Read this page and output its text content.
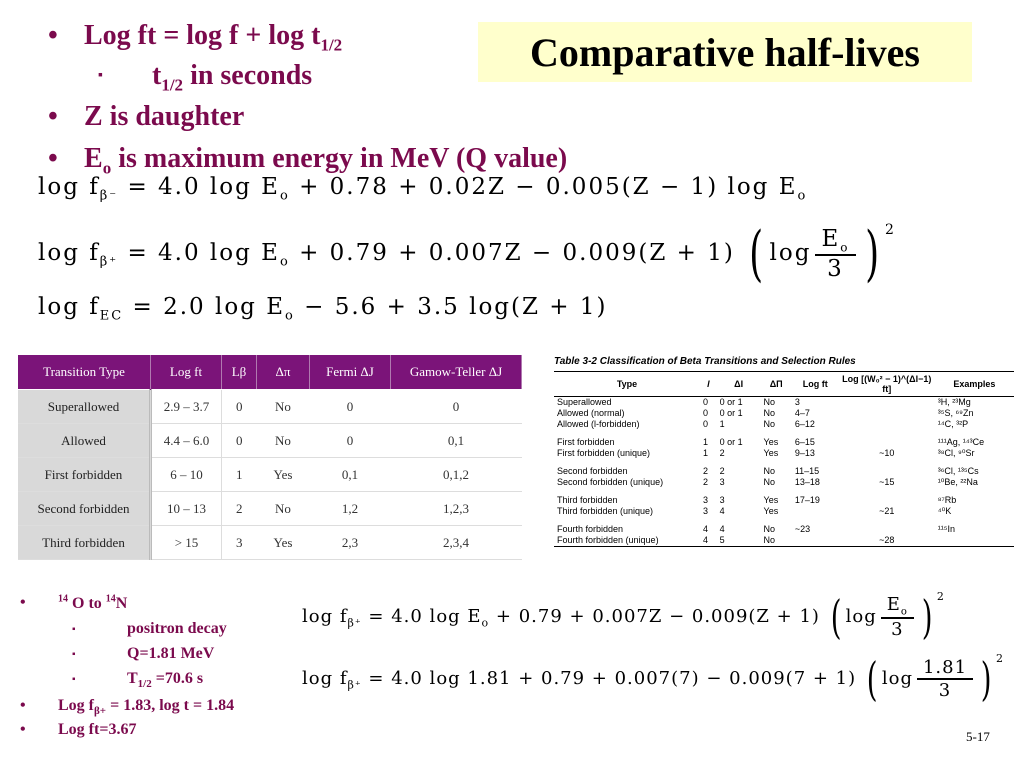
Comparative half-lives
• Log ft = $\log f + \log t_{1/2}$
▪ $t_{1/2}$ in seconds
• Z is daughter
• $E_o$ is maximum energy in MeV (Q value)
$\log f_{\beta^-} = 4.0$ $\log E_o + 0.78 + 0.02Z - 0.005(Z - 1)$ $\log E_o$
$\log f_{\beta^+} = 4.0$ $\log E_o + 0.79 + 0.007Z - 0.009(Z + 1)$ ( $\log \frac{E_o}{3}$ ) $^2$
$\log f_{EC} = 2.0$ $\log E_o - 5.6 + 3.5$ log(Z + 1)
Transition Type	Log ft	Lβ	Δπ	Fermi ΔJ	Gamow-Teller ΔJ
Superallowed	2.9 – 3.7	0	No	0	0
Allowed	4.4 – 6.0	0	No	0	0,1
First forbidden	6 – 10	1	Yes	0,1	0,1,2
Second forbidden	10 – 13	2	No	1,2	1,2,3
Third forbidden	> 15	3	Yes	2,3	2,3,4
Table 3-2 Classification of Beta Transitions and Selection Rules
Type	l	ΔI	ΔΠ	Log ft	Log [(W₀² − 1)^(Δl−1) ft]	Examples
Superallowed	0	0 or 1	No	3		³H, ²³Mg
Allowed (normal)	0	0 or 1	No	4–7		³⁵S, ⁶⁹Zn
Allowed (l-forbidden)	0	1	No	6–12		¹⁴C, ³²P
First forbidden	1	0 or 1	Yes	6–15		¹¹¹Ag, ¹⁴³Ce
First forbidden (unique)	1	2	Yes	9–13	~10	³⁸Cl, ⁹⁰Sr
Second forbidden	2	2	No	11–15		³⁶Cl, ¹³⁵Cs
Second forbidden (unique)	2	3	No	13–18	~15	¹⁰Be, ²²Na
Third forbidden	3	3	Yes	17–19		⁸⁷Rb
Third forbidden (unique)	3	4	Yes		~21	⁴⁰K
Fourth forbidden	4	4	No	~23		¹¹⁵In
Fourth forbidden (unique)	4	5	No		~28	
•	$^{14}$ O to $^{14}$N
▪	positron decay
▪	Q=1.81 MeV
▪	$T_{1/2} =70.6$ s
• Log $f_{\beta+} = 1.83$, log t = 1.84
• Log ft=3.67
$\log f_{\beta^+} = 4.0$ $\log E_o + 0.79 + 0.007Z - 0.009(Z + 1)$ ( $\log \frac{E_o}{3}$ ) $^2$
$\log f_{\beta^+} = 4.0$ log 1.81 + 0.79 + 0.007(7) − 0.009(7 + 1) ( $\log \frac{1.81}{3}$ ) $^2$
5-17
